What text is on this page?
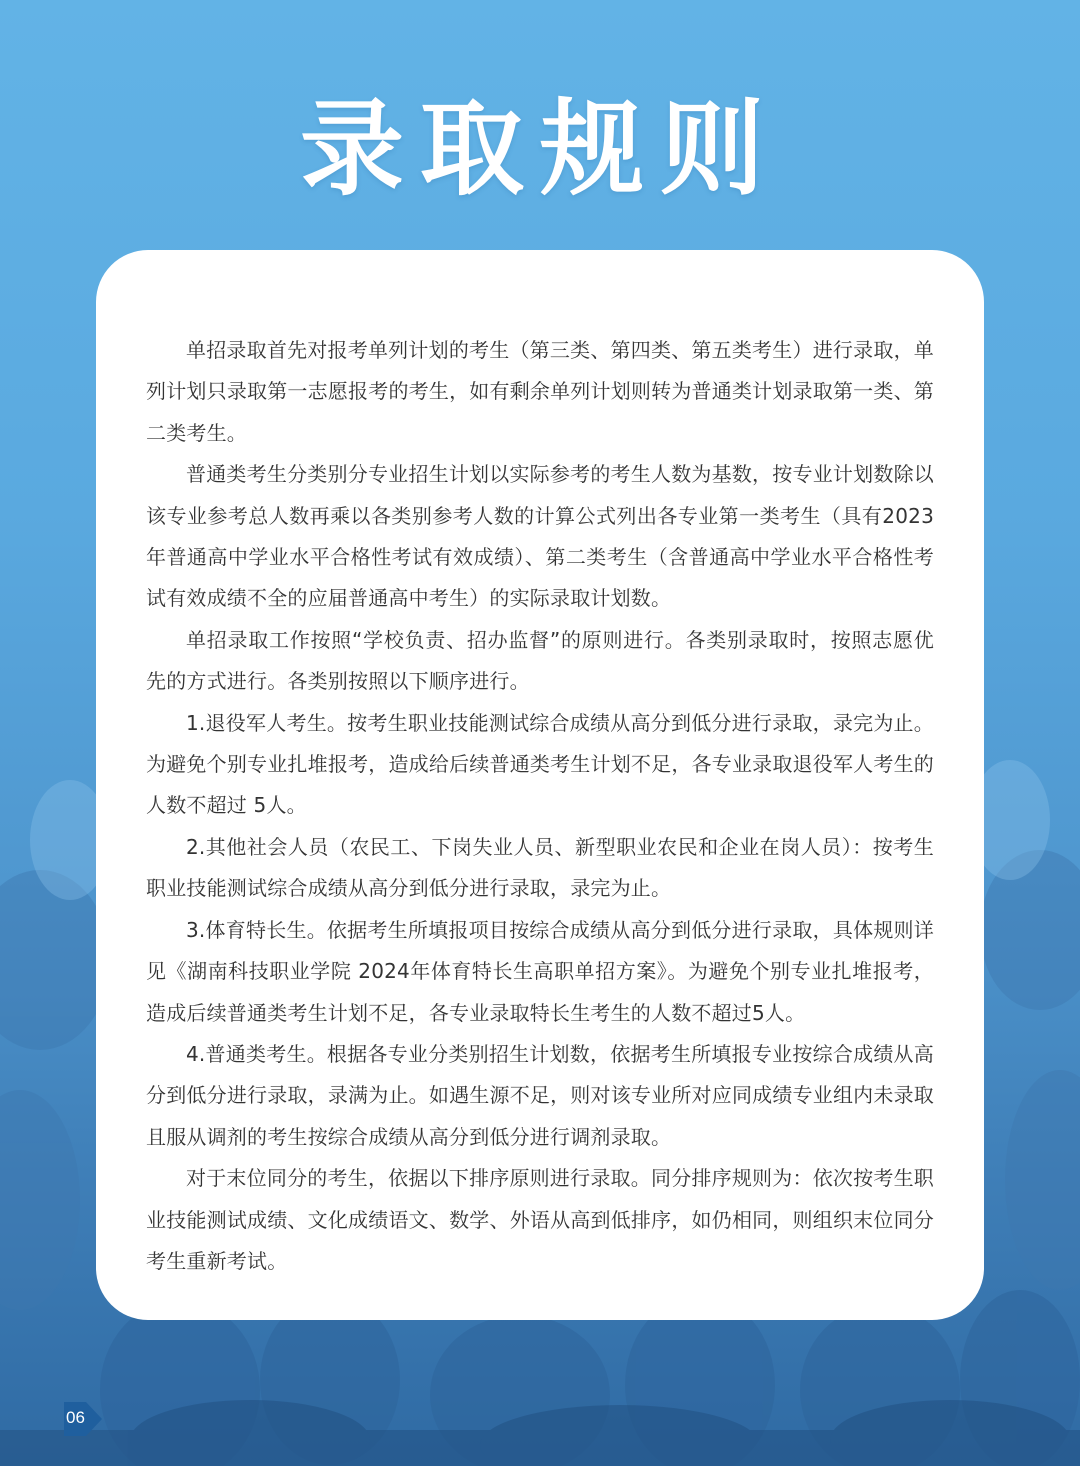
录取规则

单招录取首先对报考单列计划的考生（第三类、第四类、第五类考生）进行录取，单列计划只录取第一志愿报考的考生，如有剩余单列计划则转为普通类计划录取第一类、第二类考生。

普通类考生分类别分专业招生计划以实际参考的考生人数为基数，按专业计划数除以该专业参考总人数再乘以各类别参考人数的计算公式列出各专业第一类考生（具有2023年普通高中学业水平合格性考试有效成绩）、第二类考生（含普通高中学业水平合格性考试有效成绩不全的应届普通高中考生）的实际录取计划数。

单招录取工作按照“学校负责、招办监督”的原则进行。各类别录取时，按照志愿优先的方式进行。各类别按照以下顺序进行。

1.退役军人考生。按考生职业技能测试综合成绩从高分到低分进行录取，录完为止。为避免个别专业扎堆报考，造成给后续普通类考生计划不足，各专业录取退役军人考生的人数不超过 5人。

2.其他社会人员（农民工、下岗失业人员、新型职业农民和企业在岗人员）：按考生职业技能测试综合成绩从高分到低分进行录取，录完为止。

3.体育特长生。依据考生所填报项目按综合成绩从高分到低分进行录取，具体规则详见《湖南科技职业学院 2024年体育特长生高职单招方案》。为避免个别专业扎堆报考，造成后续普通类考生计划不足，各专业录取特长生考生的人数不超过5人。

4.普通类考生。根据各专业分类别招生计划数，依据考生所填报专业按综合成绩从高分到低分进行录取，录满为止。如遇生源不足，则对该专业所对应同成绩专业组内未录取且服从调剂的考生按综合成绩从高分到低分进行调剂录取。

对于末位同分的考生，依据以下排序原则进行录取。同分排序规则为：依次按考生职业技能测试成绩、文化成绩语文、数学、外语从高到低排序，如仍相同，则组织末位同分考生重新考试。

06
